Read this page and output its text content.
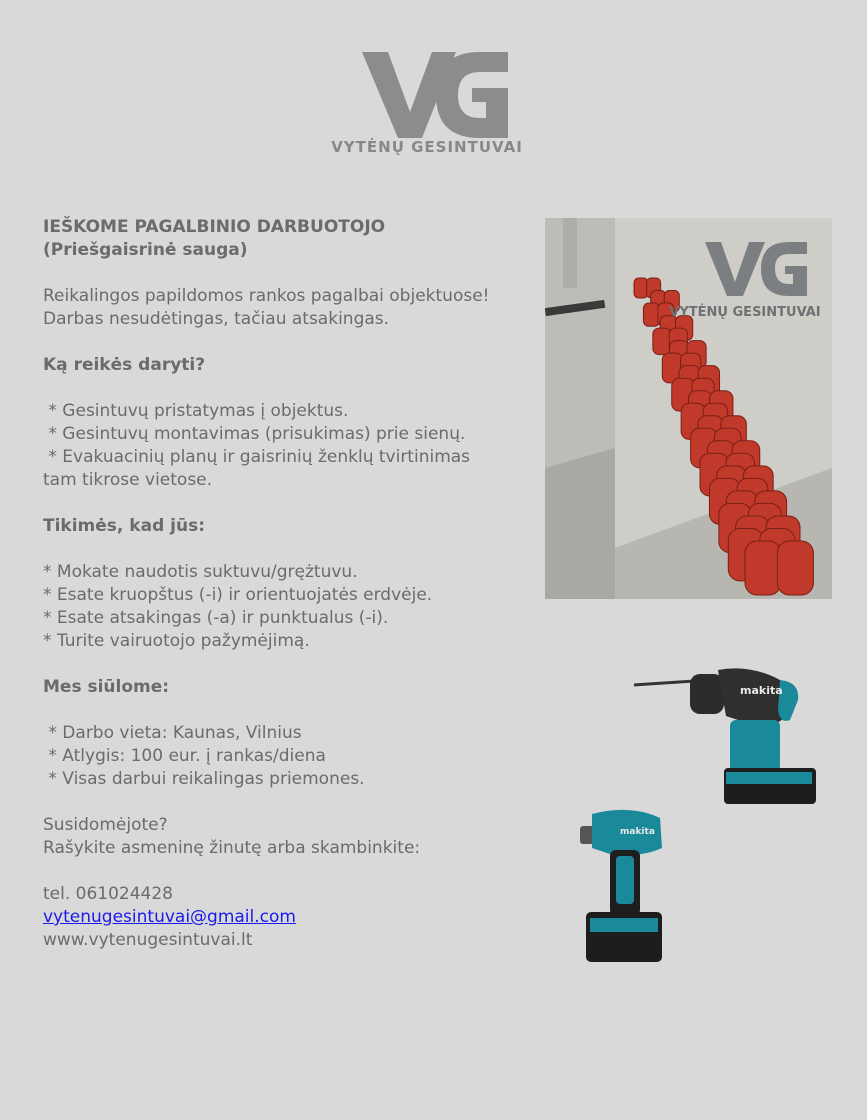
VYTĖNŲ GESINTUVAI

IEŠKOME PAGALBINIO DARBUOTOJO

(Priešgaisrinė sauga)

Reikalingos papildomos rankos pagalbai objektuose!

Darbas nesudėtingas, tačiau atsakingas.

Ką reikės daryti?

* Gesintuvų pristatymas į objektus.

* Gesintuvų montavimas (prisukimas) prie sienų.

* Evakuacinių planų ir gaisrinių ženklų tvirtinimas

tam tikrose vietose.

Tikimės, kad jūs:

* Mokate naudotis suktuvu/grężtuvu.

* Esate kruopštus (-i) ir orientuojatės erdvėje.

* Esate atsakingas (-a) ir punktualus (-i).

* Turite vairuotojo pažymėjimą.

Mes siūlome:

* Darbo vieta: Kaunas, Vilnius

* Atlygis: 100 eur. į rankas/diena

* Visas darbui reikalingas priemones.

Susidomėjote?

Rašykite asmeninę žinutę arba skambinkite:

tel. 061024428

vytenugesintuvai@gmail.com

www.vytenugesintuvai.lt

VYTĖNŲ GESINTUVAI
makita
makita
